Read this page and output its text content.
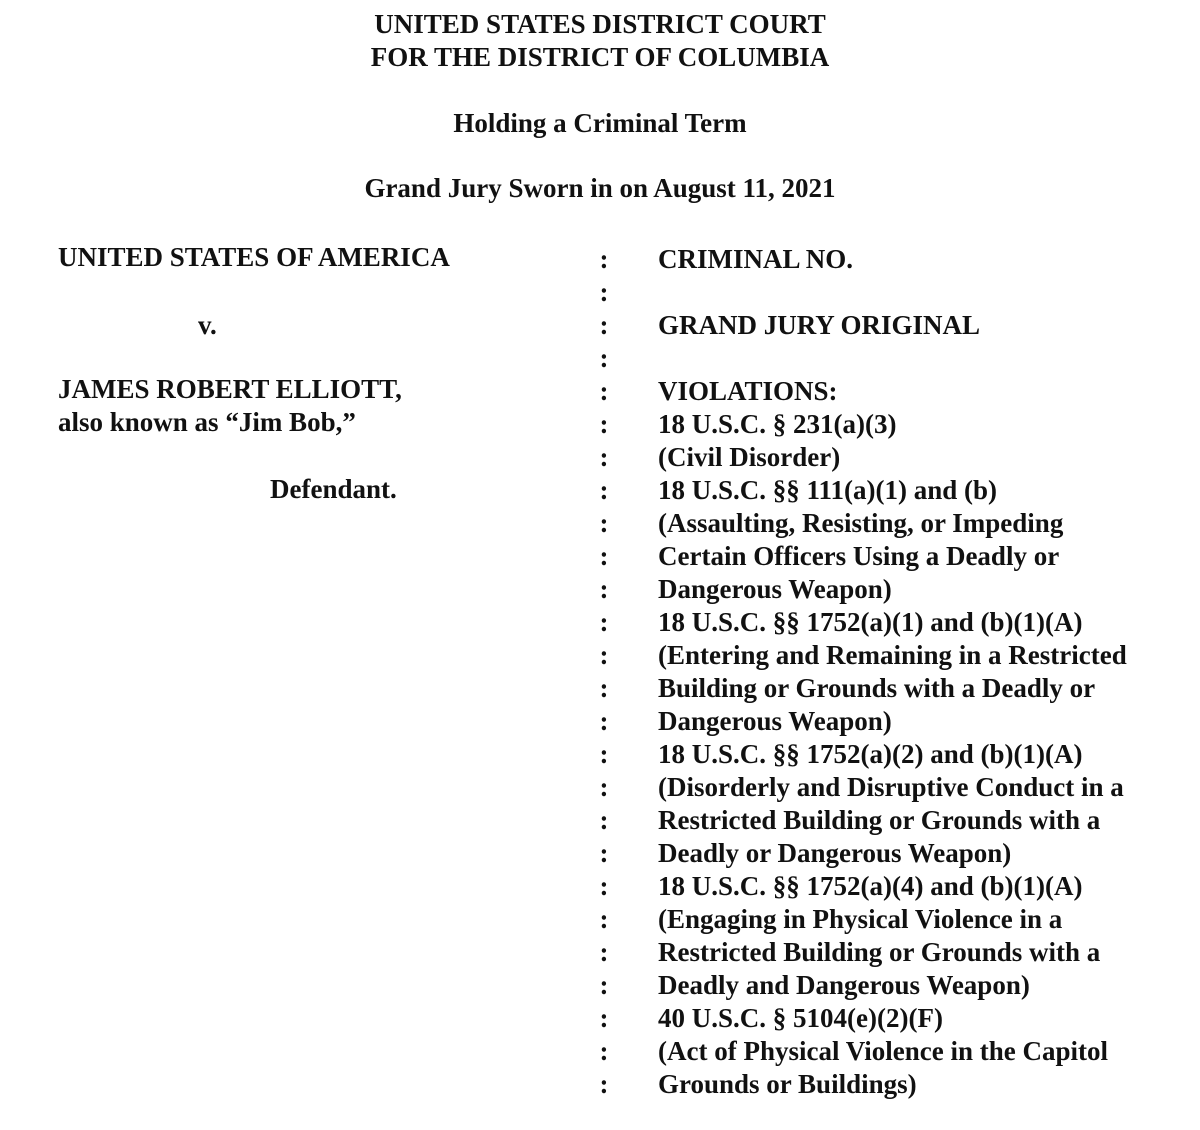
UNITED STATES DISTRICT COURT
FOR THE DISTRICT OF COLUMBIA
Holding a Criminal Term
Grand Jury Sworn in on August 11, 2021
UNITED STATES OF AMERICA
v.
JAMES ROBERT ELLIOTT,
also known as “Jim Bob,”
Defendant.
:
:
:
:
:
:
:
:
:
:
:
:
:
:
:
:
:
:
:
:
:
:
:
:
:
:
CRIMINAL NO.
GRAND JURY ORIGINAL
VIOLATIONS:
18 U.S.C. § 231(a)(3)
(Civil Disorder)
18 U.S.C. §§ 111(a)(1) and (b)
(Assaulting, Resisting, or Impeding
Certain Officers Using a Deadly or
Dangerous Weapon)
18 U.S.C. §§ 1752(a)(1) and (b)(1)(A)
(Entering and Remaining in a Restricted
Building or Grounds with a Deadly or
Dangerous Weapon)
18 U.S.C. §§ 1752(a)(2) and (b)(1)(A)
(Disorderly and Disruptive Conduct in a
Restricted Building or Grounds with a
Deadly or Dangerous Weapon)
18 U.S.C. §§ 1752(a)(4) and (b)(1)(A)
(Engaging in Physical Violence in a
Restricted Building or Grounds with a
Deadly and Dangerous Weapon)
40 U.S.C. § 5104(e)(2)(F)
(Act of Physical Violence in the Capitol
Grounds or Buildings)
